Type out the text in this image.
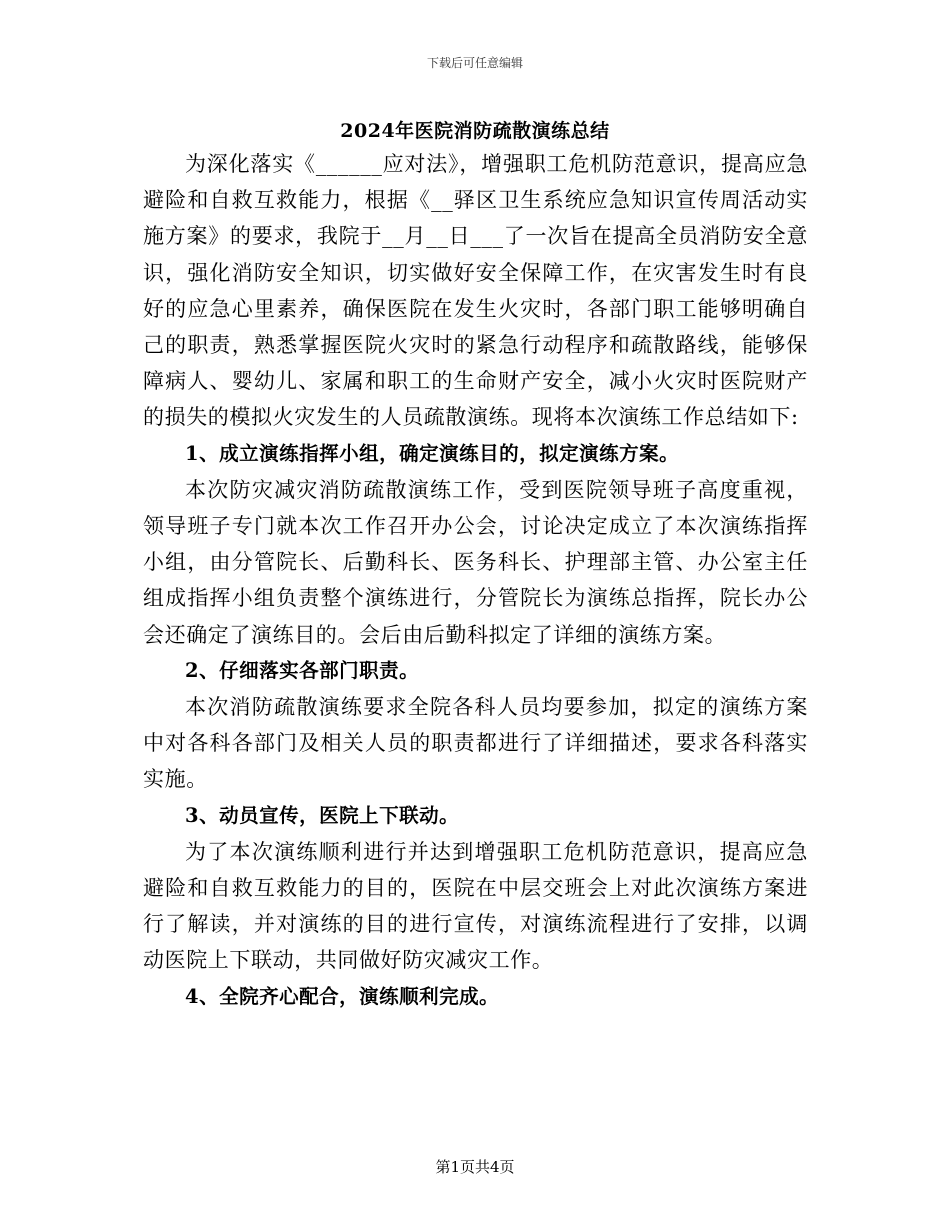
下载后可任意编辑
2024年医院消防疏散演练总结

为深化落实《______应对法》，增强职工危机防范意识，提高应急避险和自救互救能力，根据《__驿区卫生系统应急知识宣传周活动实施方案》的要求，我院于__月__日___了一次旨在提高全员消防安全意识，强化消防安全知识，切实做好安全保障工作，在灾害发生时有良好的应急心里素养，确保医院在发生火灾时，各部门职工能够明确自己的职责，熟悉掌握医院火灾时的紧急行动程序和疏散路线，能够保障病人、婴幼儿、家属和职工的生命财产安全，减小火灾时医院财产的损失的模拟火灾发生的人员疏散演练。现将本次演练工作总结如下:

1、成立演练指挥小组，确定演练目的，拟定演练方案。

本次防灾减灾消防疏散演练工作，受到医院领导班子高度重视，领导班子专门就本次工作召开办公会，讨论决定成立了本次演练指挥小组，由分管院长、后勤科长、医务科长、护理部主管、办公室主任组成指挥小组负责整个演练进行，分管院长为演练总指挥，院长办公会还确定了演练目的。会后由后勤科拟定了详细的演练方案。

2、仔细落实各部门职责。

本次消防疏散演练要求全院各科人员均要参加，拟定的演练方案中对各科各部门及相关人员的职责都进行了详细描述，要求各科落实实施。

3、动员宣传，医院上下联动。

为了本次演练顺利进行并达到增强职工危机防范意识，提高应急避险和自救互救能力的目的，医院在中层交班会上对此次演练方案进行了解读，并对演练的目的进行宣传，对演练流程进行了安排，以调动医院上下联动，共同做好防灾减灾工作。

4、全院齐心配合，演练顺利完成。

第1页共4页
